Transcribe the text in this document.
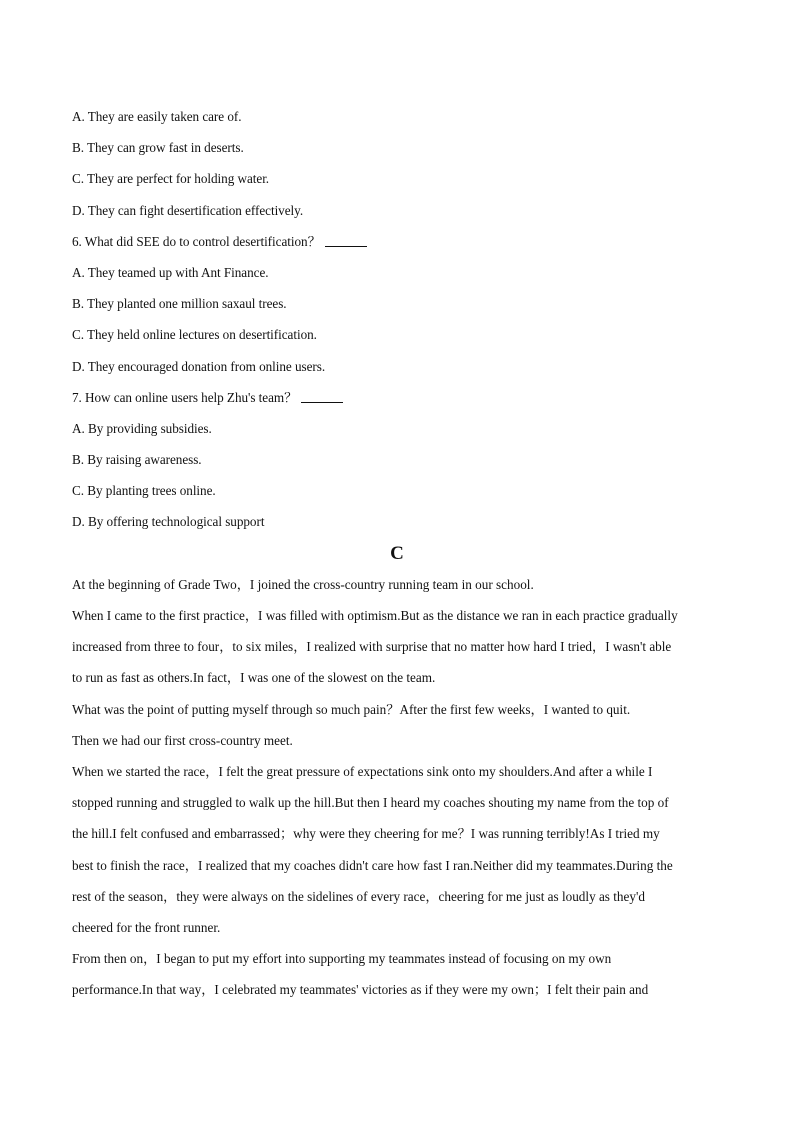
A. They are easily taken care of.
B. They can grow fast in deserts.
C. They are perfect for holding water.
D. They can fight desertification effectively.
6. What did SEE do to control desertification？
A. They teamed up with Ant Finance.
B. They planted one million saxaul trees.
C. They held online lectures on desertification.
D. They encouraged donation from online users.
7. How can online users help Zhu's team？
A. By providing subsidies.
B. By raising awareness.
C. By planting trees online.
D. By offering technological support
C
At the beginning of Grade Two，I joined the cross-country running team in our school.
When I came to the first practice，I was filled with optimism.But as the distance we ran in each practice gradually
increased from three to four，to six miles，I realized with surprise that no matter how hard I tried，I wasn't able
to run as fast as others.In fact，I was one of the slowest on the team.
What was the point of putting myself through so much pain？After the first few weeks，I wanted to quit.
Then we had our first cross-country meet.
When we started the race，I felt the great pressure of expectations sink onto my shoulders.And after a while I
stopped running and struggled to walk up the hill.But then I heard my coaches shouting my name from the top of
the hill.I felt confused and embarrassed；why were they cheering for me？I was running terribly!As I tried my
best to finish the race，I realized that my coaches didn't care how fast I ran.Neither did my teammates.During the
rest of the season，they were always on the sidelines of every race，cheering for me just as loudly as they'd
cheered for the front runner.
From then on，I began to put my effort into supporting my teammates instead of focusing on my own
performance.In that way，I celebrated my teammates' victories as if they were my own；I felt their pain and
